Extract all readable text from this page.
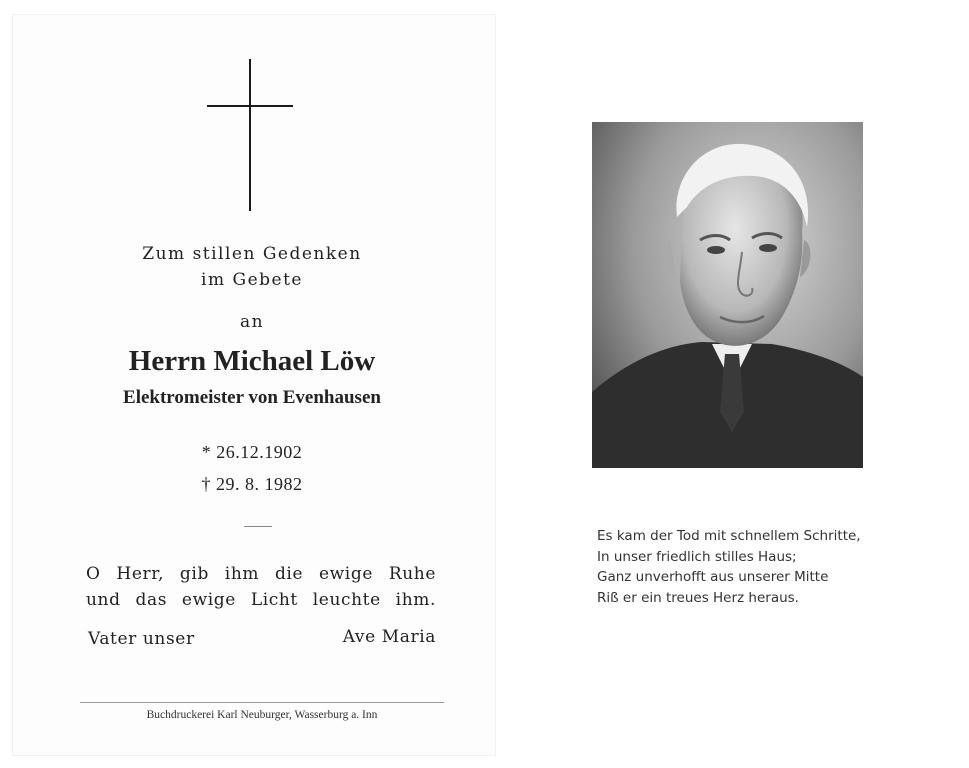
Zum stillen Gedenken
im Gebete
an
Herrn Michael Löw
Elektromeister von Evenhausen
* 26.12.1902
† 29. 8. 1982
O Herr, gib ihm die ewige Ruhe
und das ewige Licht leuchte ihm.
Vater unser	Ave Maria
Buchdruckerei Karl Neuburger, Wasserburg a. Inn
Es kam der Tod mit schnellem Schritte,
In unser friedlich stilles Haus;
Ganz unverhofft aus unserer Mitte
Riß er ein treues Herz heraus.
